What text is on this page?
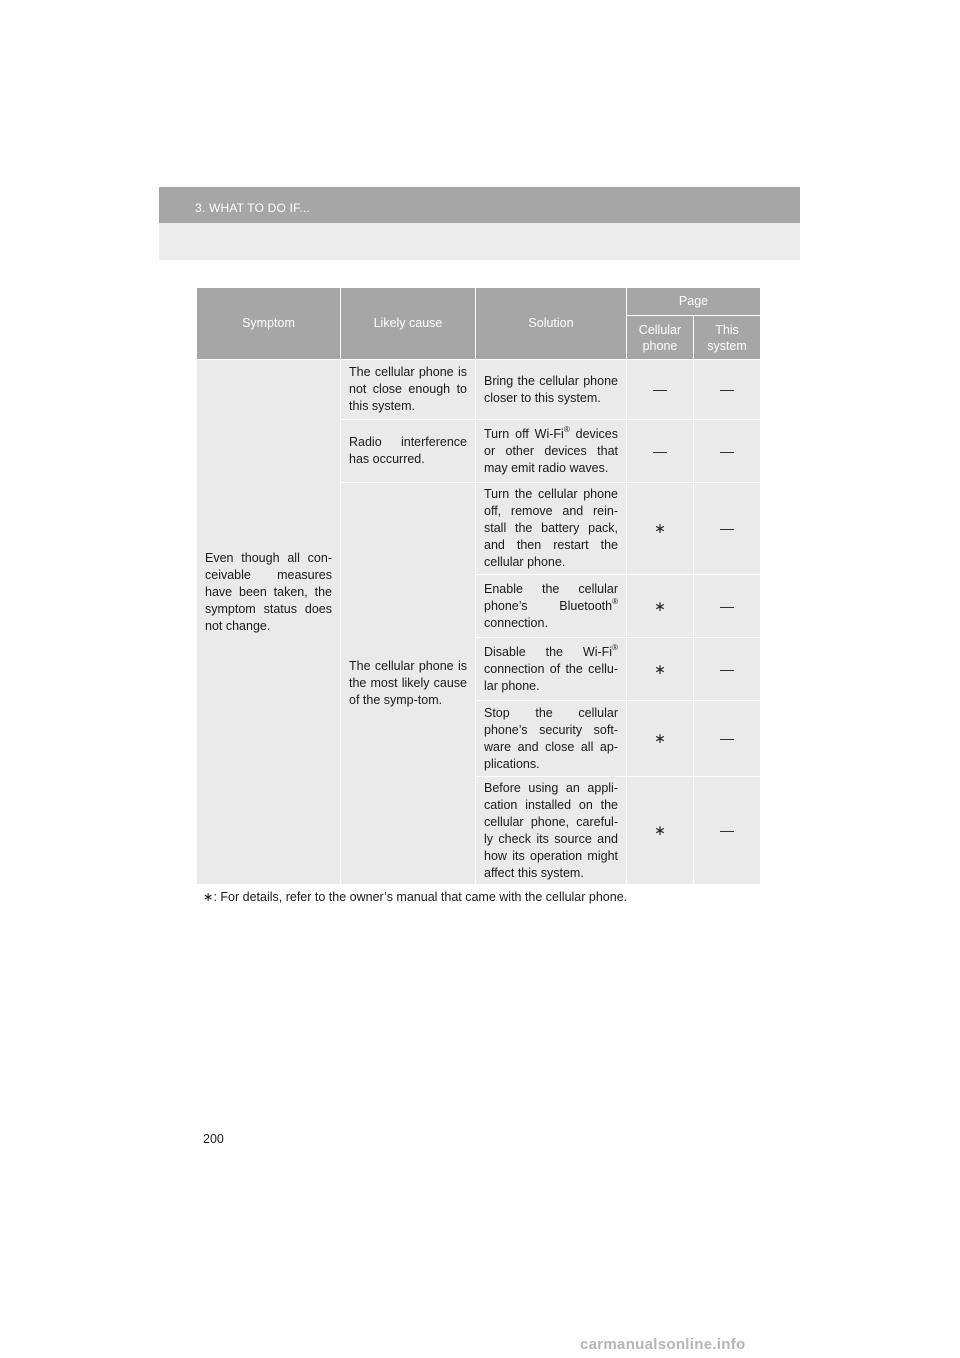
3. WHAT TO DO IF...
Symptom	Likely cause	Solution	Page	
			Cellular phone	This system

Even though all con-ceivable measures have been taken, the symptom status does not change.	The cellular phone is not close enough to this system.	Bring the cellular phone closer to this system.	—	—

	Radio interference has occurred.	Turn off Wi-Fi® devices or other devices that may emit radio waves.	—	—

	The cellular phone is the most likely cause of the symp-tom.	Turn the cellular phone off, remove and rein-stall the battery pack, and then restart the cellular phone.	∗	—

		Enable the cellular phone’s Bluetooth® connection.	∗	—

		Disable the Wi-Fi® connection of the cellu-lar phone.	∗	—

		Stop the cellular phone’s security soft-ware and close all ap-plications.	∗	—

		Before using an appli-cation installed on the cellular phone, careful-ly check its source and how its operation might affect this system.	∗	—
∗: For details, refer to the owner’s manual that came with the cellular phone.
200
carmanualsonline.info
